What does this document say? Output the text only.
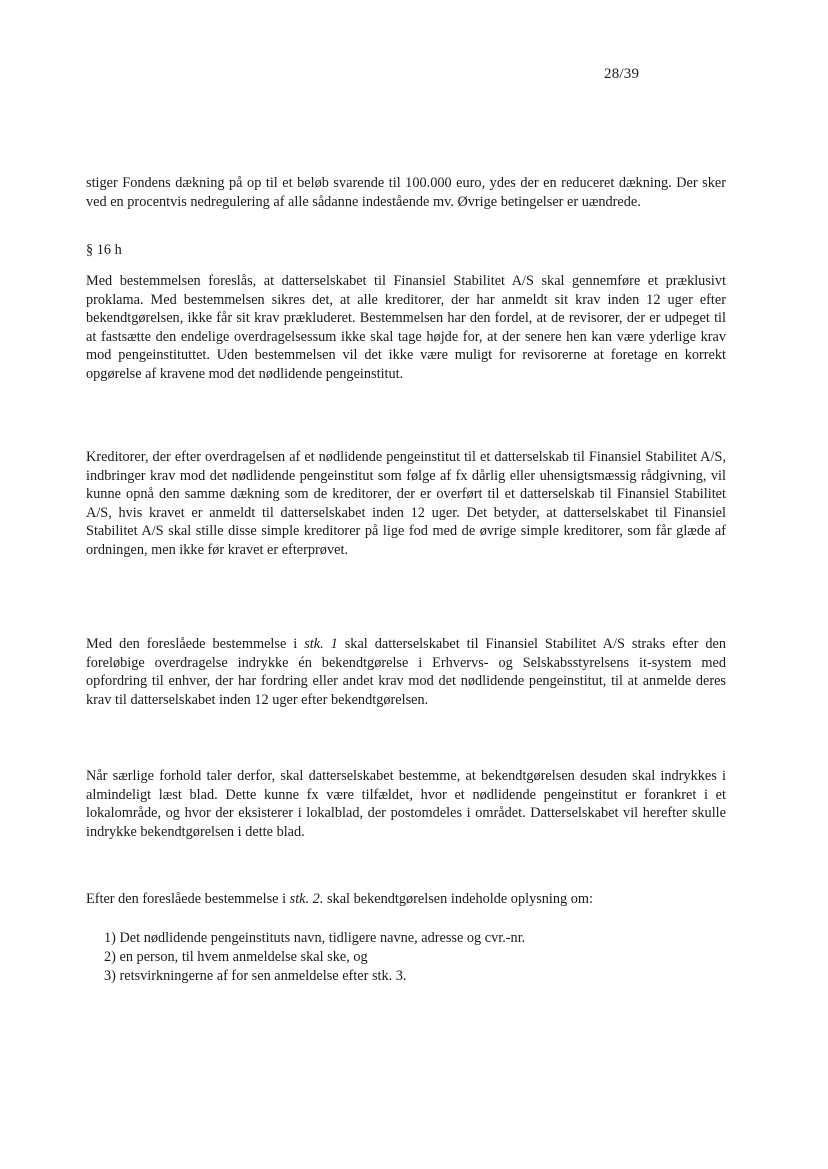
28/39

stiger Fondens dækning på op til et beløb svarende til 100.000 euro, ydes der en reduceret dækning. Der sker ved en procentvis nedregulering af alle sådanne indestående mv. Øvrige betingelser er uændrede.

§ 16 h

Med bestemmelsen foreslås, at datterselskabet til Finansiel Stabilitet A/S skal gennemføre et præklusivt proklama. Med bestemmelsen sikres det, at alle kreditorer, der har anmeldt sit krav inden 12 uger efter bekendtgørelsen, ikke får sit krav prækluderet. Bestemmelsen har den fordel, at de revisorer, der er udpeget til at fastsætte den endelige overdragelsessum ikke skal tage højde for, at der senere hen kan være yderlige krav mod pengeinstituttet. Uden bestemmelsen vil det ikke være muligt for revisorerne at foretage en korrekt opgørelse af kravene mod det nødlidende pengeinstitut.

Kreditorer, der efter overdragelsen af et nødlidende pengeinstitut til et datterselskab til Finansiel Stabilitet A/S, indbringer krav mod det nødlidende pengeinstitut som følge af fx dårlig eller uhensigtsmæssig rådgivning, vil kunne opnå den samme dækning som de kreditorer, der er overført til et datterselskab til Finansiel Stabilitet A/S, hvis kravet er anmeldt til datterselskabet inden 12 uger. Det betyder, at datterselskabet til Finansiel Stabilitet A/S skal stille disse simple kreditorer på lige fod med de øvrige simple kreditorer, som får glæde af ordningen, men ikke før kravet er efterprøvet.

Med den foreslåede bestemmelse i stk. 1 skal datterselskabet til Finansiel Stabilitet A/S straks efter den foreløbige overdragelse indrykke én bekendtgørelse i Erhvervs- og Selskabsstyrelsens it-system med opfordring til enhver, der har fordring eller andet krav mod det nødlidende pengeinstitut, til at anmelde deres krav til datterselskabet inden 12 uger efter bekendtgørelsen.

Når særlige forhold taler derfor, skal datterselskabet bestemme, at bekendtgørelsen desuden skal indrykkes i almindeligt læst blad. Dette kunne fx være tilfældet, hvor et nødlidende pengeinstitut er forankret i et lokalområde, og hvor der eksisterer i lokalblad, der postomdeles i området. Datterselskabet vil herefter skulle indrykke bekendtgørelsen i dette blad.

Efter den foreslåede bestemmelse i stk. 2. skal bekendtgørelsen indeholde oplysning om:

1) Det nødlidende pengeinstituts navn, tidligere navne, adresse og cvr.-nr.
2) en person, til hvem anmeldelse skal ske, og
3) retsvirkningerne af for sen anmeldelse efter stk. 3.
